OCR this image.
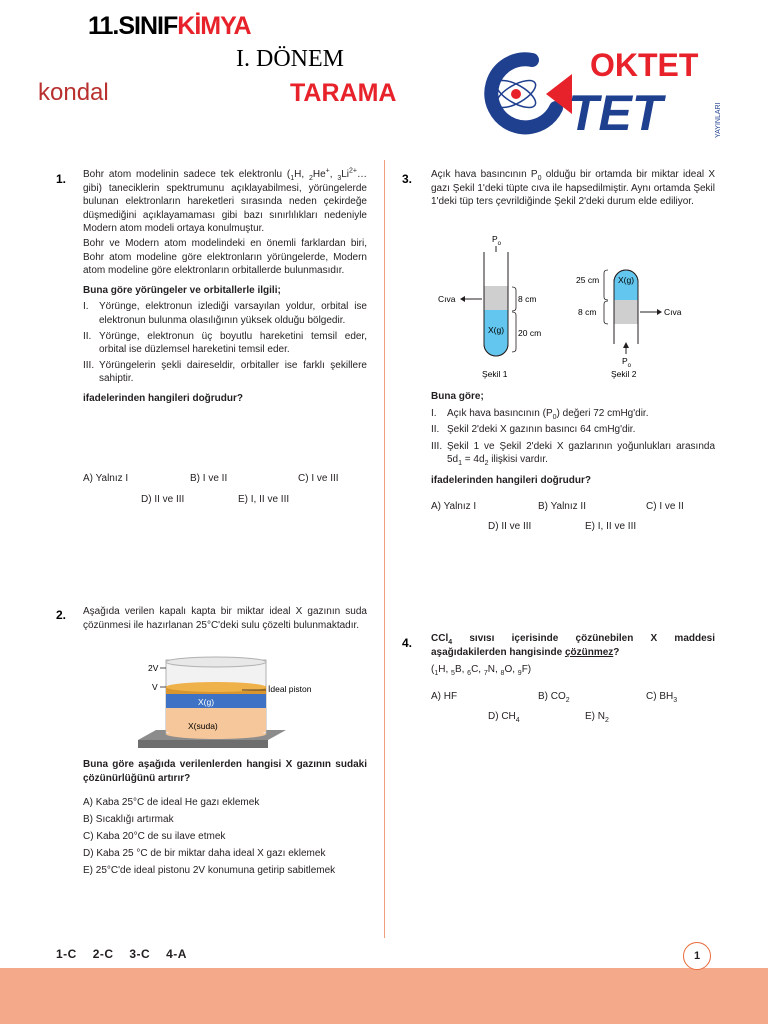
11.SINIFKİMYA
I. DÖNEM
TARAMA
kondal
OKTET
TET	YAYINLARI
1. Bohr atom modelinin sadece tek elektronlu ($_1H$, $_2$He+, $_3Li^{2+}\dots$ gibi) taneciklerin spektrumunu açıklayabilmesi, yörüngelerde bulunan elektronların hareketleri sırasında neden çekirdeğe düşmediğini açıklayamaması gibi bazı sınırlılıkları nedeniyle Modern atom modeli ortaya konulmuştur.

Bohr ve Modern atom modelindeki en önemli farklardan biri, Bohr atom modeline göre elektronların yörüngelerde, Modern atom modeline göre elektronların orbitallerde bulunmasıdır.

Buna göre yörüngeler ve orbitallerle ilgili;

I.	Yörünge, elektronun izlediği varsayılan yoldur, orbital ise elektronun bulunma olasılığının yüksek olduğu bölgedir.
II. Yörünge, elektronun üç boyutlu hareketini temsil eder, orbital ise düzlemsel hareketini temsil eder.
III. Yörüngelerin şekli daireseldir, orbitaller ise farklı şekillere sahiptir.

ifadelerinden hangileri doğrudur?

A) Yalnız I	B) I ve II	C) I ve III
D) II ve III	E) I, II ve III
2. Aşağıda verilen kapalı kapta bir miktar ideal X gazının suda çözünmesi ile hazırlanan 25°C'deki sulu çözelti bulunmaktadır.

2V
V	İdeal piston
X(g)
X(suda)

Buna göre aşağıda verilenlerden hangisi X gazının sudaki çözünürlüğünü artırır?

A) Kaba 25°C de ideal He gazı eklemek
B) Sıcaklığı artırmak
C) Kaba 20°C de su ilave etmek
D) Kaba 25 °C de bir miktar daha ideal X gazı eklemek
E) 25°C'de ideal pistonu 2V konumuna getirip sabitlemek
3. Açık hava basıncının $P_0$ olduğu bir ortamda bir miktar ideal X gazı Şekil 1'deki tüpte cıva ile hapsedilmiştir. Aynı ortamda Şekil 1'deki tüp ters çevrildiğinde Şekil 2'deki durum elde ediliyor.

$P_o$
X(g)
Cıva	8 cm
20 cm
Şekil 1
X(g)
25 cm
8 cm	Cıva
$P_o$
Şekil 2

Buna göre;

I.	Açık hava basıncının $(P_0)$ değeri 72 cmHg'dir.
II. Şekil 2'deki X gazının basıncı 64 cmHg'dir.
III. Şekil 1 ve Şekil 2'deki X gazlarının yoğunlukları arasında $5d_1 = 4d_2$ ilişkisi vardır.

ifadelerinden hangileri doğrudur?

A) Yalnız I	B) Yalnız II	C) I ve II
D) II ve III	E) I, II ve III
4. CCl$_4$ sıvısı içerisinde çözünebilen X maddesi aşağıdakilerden hangisinde çözünmez?

($_1H$, $_5$B, $_6$C, $_7$N, $_8$O, $_9$F)

A) HF	B) $CO_2$	C) $BH_3$
D) $CH_4$	E) $N_2$
1-C 2-C 3-C 4-A	1
